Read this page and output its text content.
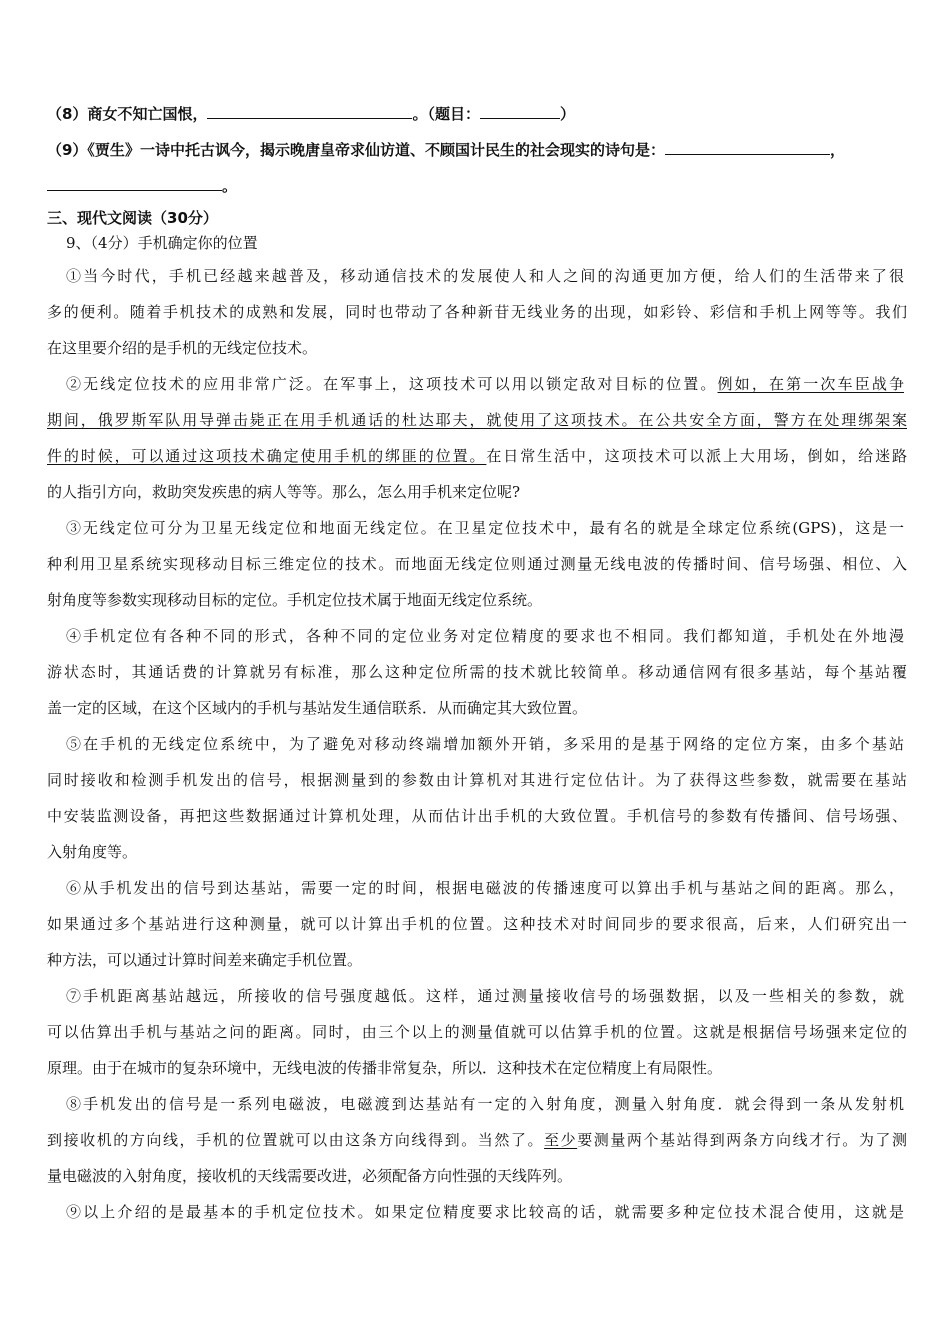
（8）商女不知亡国恨，	。（题目：	）
（9）《贾生》一诗中托古讽今，揭示晚唐皇帝求仙访道、不顾国计民生的社会现实的诗句是：	，
。
三、现代文阅读（30分）
9、（4分）手机确定你的位置
①当今时代，手机已经越来越普及，移动通信技术的发展使人和人之间的沟通更加方便，给人们的生活带来了很
多的便利。随着手机技术的成熟和发展，同时也带动了各种新苷无线业务的出现，如彩铃、彩信和手机上网等等。我们
在这里要介绍的是手机的无线定位技术。
②无线定位技术的应用非常广泛。在军事上，这项技术可以用以锁定敌对目标的位置。例如，在第一次车臣战争
期间，俄罗斯军队用导弹击毙正在用手机通话的杜达耶夫，就使用了这项技术。在公共安全方面，警方在处理绑架案
件的时候，可以通过这项技术确定使用手机的绑匪的位置。在日常生活中，这项技术可以派上大用场，倒如，给迷路
的人指引方向，救助突发疾患的病人等等。那么，怎么用手机来定位呢?
③无线定位可分为卫星无线定位和地面无线定位。在卫星定位技术中，最有名的就是全球定位系统(GPS)，这是一
种利用卫星系统实现移动目标三维定位的技术。而地面无线定位则通过测量无线电波的传播时间、信号场强、相位、入
射角度等参数实现移动目标的定位。手机定位技术属于地面无线定位系统。
④手机定位有各种不同的形式，各种不同的定位业务对定位精度的要求也不相同。我们都知道，手机处在外地漫
游状态时，其通话费的计算就另有标准，那么这种定位所需的技术就比较简单。移动通信网有很多基站，每个基站覆
盖一定的区域，在这个区域内的手机与基站发生通信联系．从而确定其大致位置。
⑤在手机的无线定位系统中，为了避免对移动终端增加额外开销，多采用的是基于网络的定位方案，由多个基站
同时接收和检测手机发出的信号，根据测量到的参数由计算机对其进行定位估计。为了获得这些参数，就需要在基站
中安装监测设备，再把这些数据通过计算机处理，从而估计出手机的大致位置。手机信号的参数有传播间、信号场强、
入射角度等。
⑥从手机发出的信号到达基站，需要一定的时间，根据电磁波的传播速度可以算出手机与基站之间的距离。那么，
如果通过多个基站进行这种测量，就可以计算出手机的位置。这种技术对时间同步的要求很高，后来，人们研究出一
种方法，可以通过计算时间差来确定手机位置。
⑦手机距离基站越远，所接收的信号强度越低。这样，通过测量接收信号的场强数据，以及一些相关的参数，就
可以估算出手机与基站之问的距离。同时，由三个以上的测量值就可以估算手机的位置。这就是根据信号场强来定位的
原理。由于在城市的复杂环境中，无线电波的传播非常复杂，所以．这种技术在定位精度上有局限性。
⑧手机发出的信号是一系列电磁波，电磁渡到达基站有一定的入射角度，测量入射角度．就会得到一条从发射机
到接收机的方向线，手机的位置就可以由这条方向线得到。当然了。至少要测量两个基站得到两条方向线才行。为了测
量电磁波的入射角度，接收机的天线需要改进，必须配备方向性强的天线阵列。
⑨以上介绍的是最基本的手机定位技术。如果定位精度要求比较高的话，就需要多种定位技术混合使用，这就是
